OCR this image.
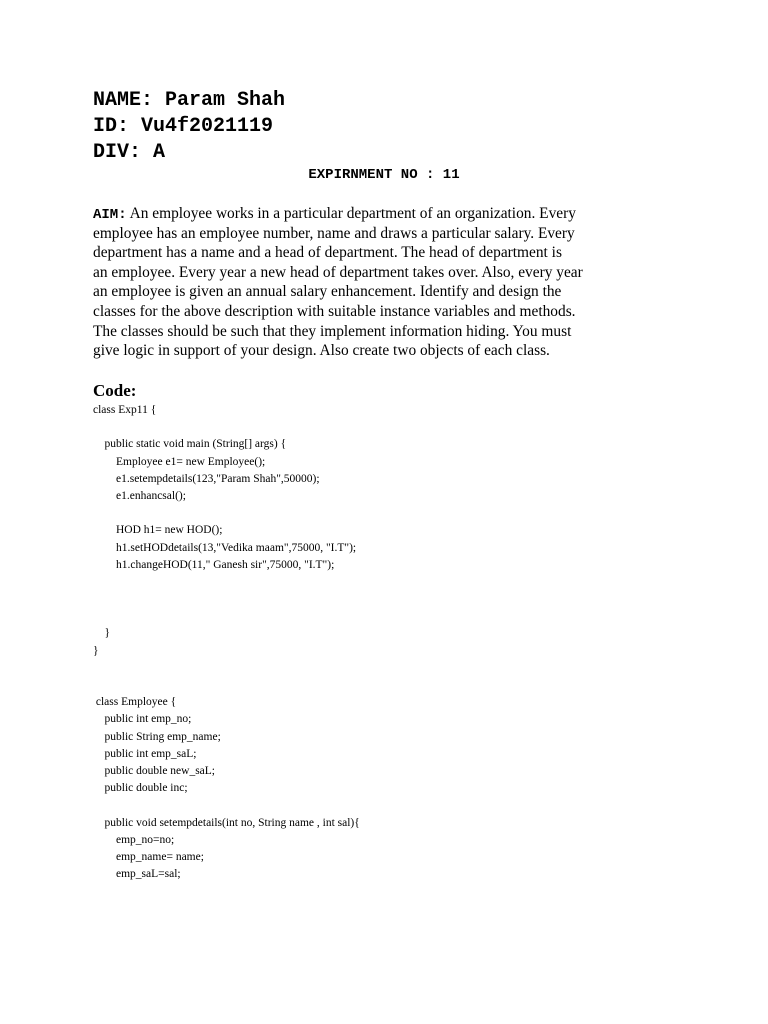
NAME: Param Shah
ID: Vu4f2021119
DIV: A
EXPIRNMENT NO : 11
AIM: An employee works in a particular department of an organization. Every
employee has an employee number, name and draws a particular salary. Every
department has a name and a head of department. The head of department is
an employee. Every year a new head of department takes over. Also, every year
an employee is given an annual salary enhancement. Identify and design the
classes for the above description with suitable instance variables and methods.
The classes should be such that they implement information hiding. You must
give logic in support of your design. Also create two objects of each class.
Code:
class Exp11 {
public static void main (String[] args) {
Employee e1= new Employee();
e1.setempdetails(123,"Param Shah",50000);
e1.enhancsal();
HOD h1= new HOD();
h1.setHODdetails(13,"Vedika maam",75000, "I.T");
h1.changeHOD(11," Ganesh sir",75000, "I.T");
}
}
class Employee {
public int emp_no;
public String emp_name;
public int emp_saL;
public double new_saL;
public double inc;
public void setempdetails(int no, String name , int sal){
emp_no=no;
emp_name= name;
emp_saL=sal;
